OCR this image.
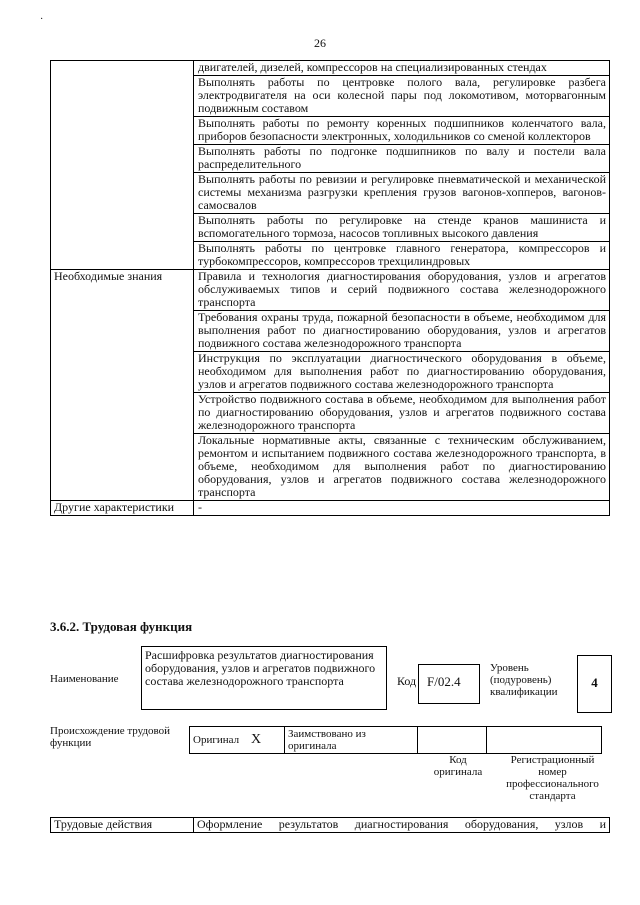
·
26
	двигателей, дизелей, компрессоров на специализированных стендах
	Выполнять работы по центровке полого вала, регулировке разбега электродвигателя на оси колесной пары под локомотивом, моторвагонным подвижным составом
	Выполнять работы по ремонту коренных подшипников коленчатого вала, приборов безопасности электронных, холодильников со сменой коллекторов
	Выполнять работы по подгонке подшипников по валу и постели вала распределительного
	Выполнять работы по ревизии и регулировке пневматической и механической системы механизма разгрузки крепления грузов вагонов-хопперов, вагонов-самосвалов
	Выполнять работы по регулировке на стенде кранов машиниста и вспомогательного тормоза, насосов топливных высокого давления
	Выполнять работы по центровке главного генератора, компрессоров и турбокомпрессоров, компрессоров трехцилиндровых
Необходимые знания	Правила и технология диагностирования оборудования, узлов и агрегатов обслуживаемых типов и серий подвижного состава железнодорожного транспорта
	Требования охраны труда, пожарной безопасности в объеме, необходимом для выполнения работ по диагностированию оборудования, узлов и агрегатов подвижного состава железнодорожного транспорта
	Инструкция по эксплуатации диагностического оборудования в объеме, необходимом для выполнения работ по диагностированию оборудования, узлов и агрегатов подвижного состава железнодорожного транспорта
	Устройство подвижного состава в объеме, необходимом для выполнения работ по диагностированию оборудования, узлов и агрегатов подвижного состава железнодорожного транспорта
	Локальные нормативные акты, связанные с техническим обслуживанием, ремонтом и испытанием подвижного состава железнодорожного транспорта, в объеме, необходимом для выполнения работ по диагностированию оборудования, узлов и агрегатов подвижного состава железнодорожного транспорта
Другие характеристики	-
3.6.2. Трудовая функция
Наименование
Расшифровка результатов диагностирования оборудования, узлов и агрегатов подвижного состава железнодорожного транспорта	Код F/02.4
Уровень (подуровень) квалификации
4
Происхождение трудовой функции	Оригинал	X	Заимствовано из оригинала		
Код оригинала
Регистрационный номер профессионального стандарта
Трудовые действия	Оформление результатов диагностирования оборудования, узлов и
